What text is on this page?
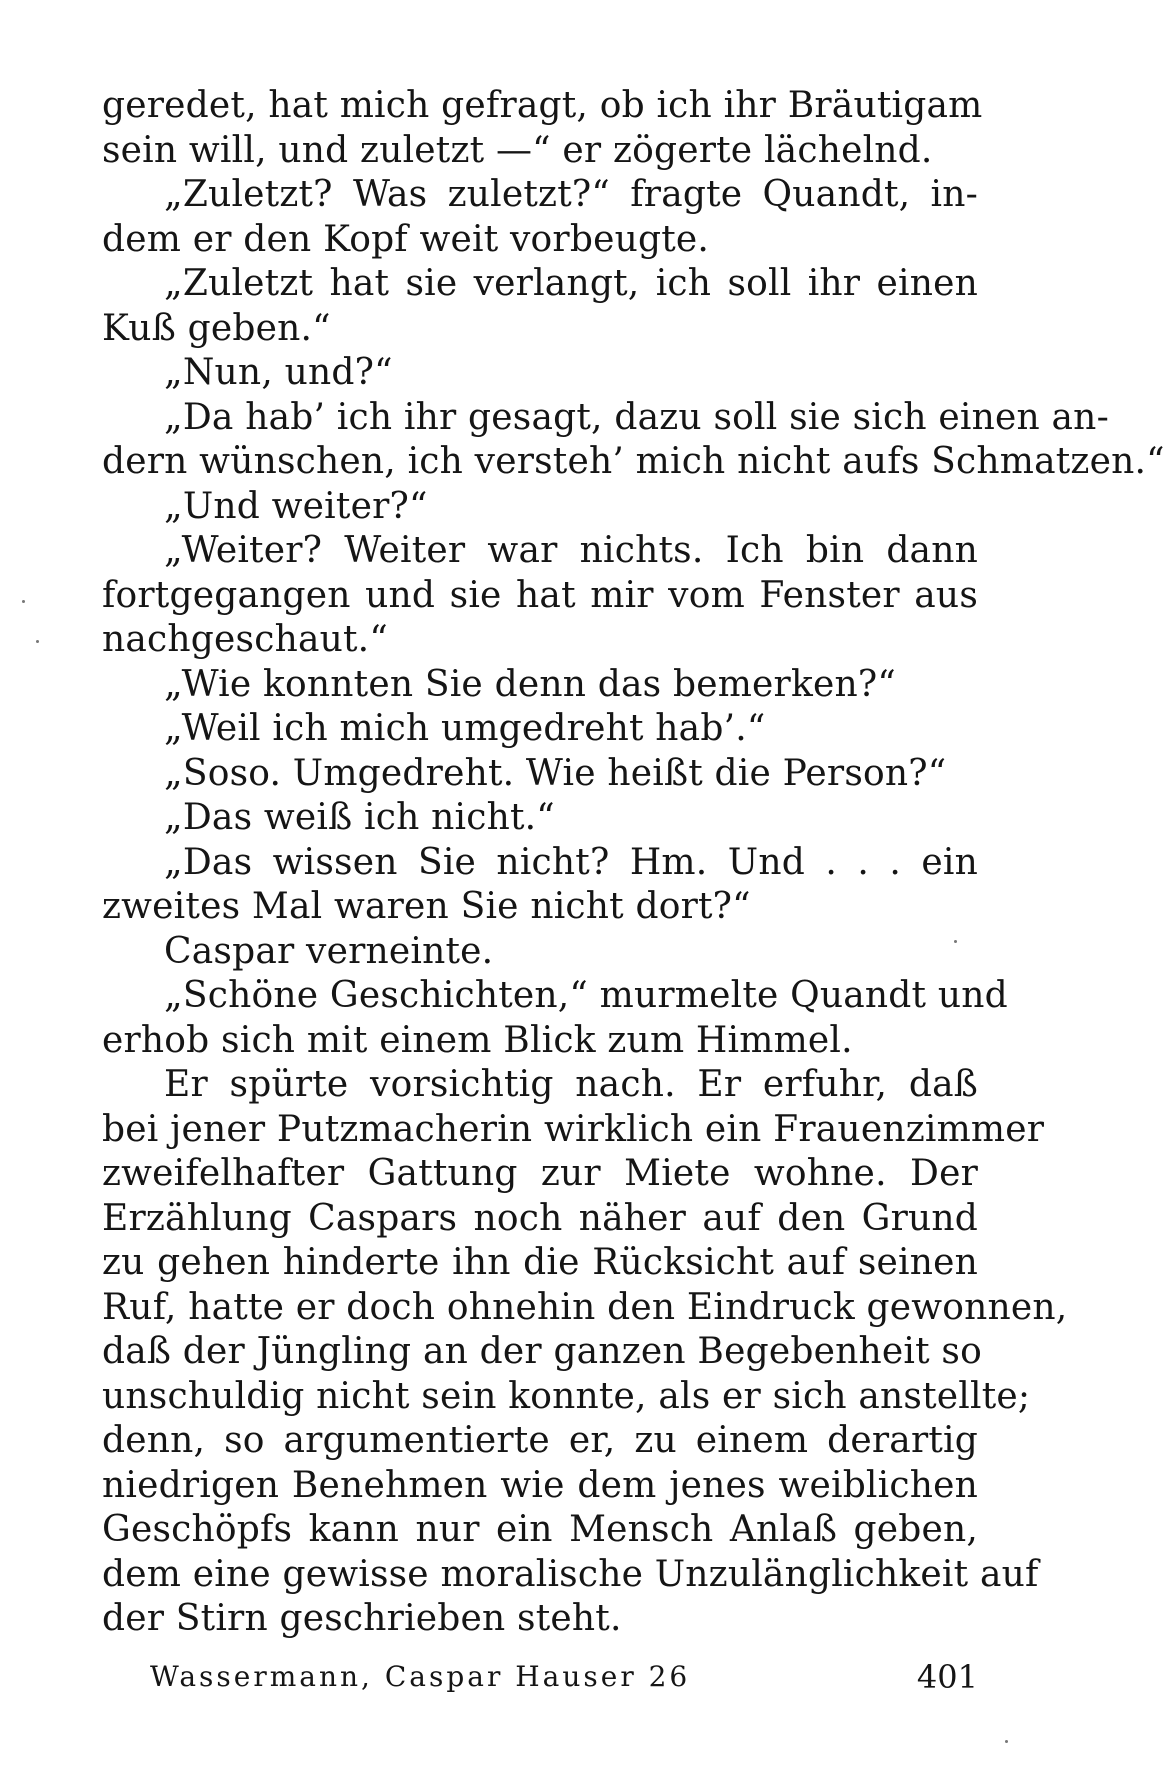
geredet, hat mich gefragt, ob ich ihr Bräutigam
sein will, und zuletzt —“ er zögerte lächelnd.
„Zuletzt? Was zuletzt?“ fragte Quandt, in-
dem er den Kopf weit vorbeugte.
„Zuletzt hat sie verlangt, ich soll ihr einen
Kuß geben.“
„Nun, und?“
„Da hab’ ich ihr gesagt, dazu soll sie sich einen an-
dern wünschen, ich versteh’ mich nicht aufs Schmatzen.“
„Und weiter?“
„Weiter? Weiter war nichts. Ich bin dann
fortgegangen und sie hat mir vom Fenster aus
nachgeschaut.“
„Wie konnten Sie denn das bemerken?“
„Weil ich mich umgedreht hab’.“
„Soso. Umgedreht. Wie heißt die Person?“
„Das weiß ich nicht.“
„Das wissen Sie nicht? Hm. Und . . . ein
zweites Mal waren Sie nicht dort?“
Caspar verneinte.
„Schöne Geschichten,“ murmelte Quandt und
erhob sich mit einem Blick zum Himmel.
Er spürte vorsichtig nach. Er erfuhr, daß
bei jener Putzmacherin wirklich ein Frauenzimmer
zweifelhafter Gattung zur Miete wohne. Der
Erzählung Caspars noch näher auf den Grund
zu gehen hinderte ihn die Rücksicht auf seinen
Ruf, hatte er doch ohnehin den Eindruck gewonnen,
daß der Jüngling an der ganzen Begebenheit so
unschuldig nicht sein konnte, als er sich anstellte;
denn, so argumentierte er, zu einem derartig
niedrigen Benehmen wie dem jenes weiblichen
Geschöpfs kann nur ein Mensch Anlaß geben,
dem eine gewisse moralische Unzulänglichkeit auf
der Stirn geschrieben steht.
Wassermann, Caspar Hauser 26	401
